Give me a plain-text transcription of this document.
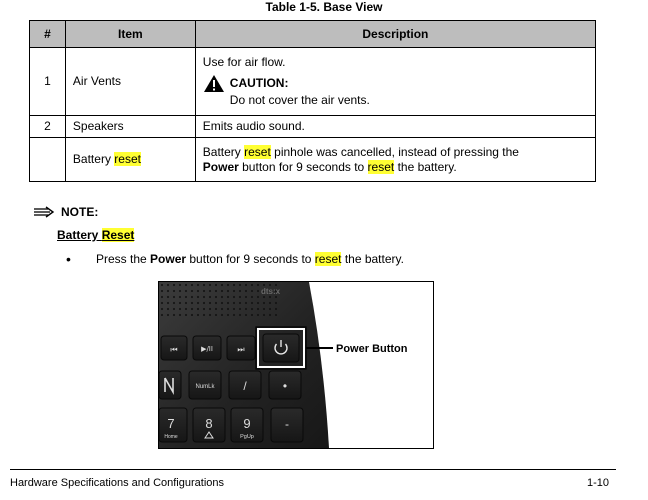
Table 1-5. Base View
#	Item	Description
1	Air Vents	Use for air flow.
CAUTION:
Do not cover the air vents.

2	Speakers	Emits audio sound.
	Battery reset	Battery reset pinhole was cancelled, instead of pressing the
Power button for 9 seconds to reset the battery.
NOTE:
Battery Reset
•	Press the Power button for 9 seconds to reset the battery.
dts:x
⏮	▶/II	⏭	Power Button
NumLk /	•
7
Home
8 9
PgUp
-
Hardware Specifications and Configurations	1-10
